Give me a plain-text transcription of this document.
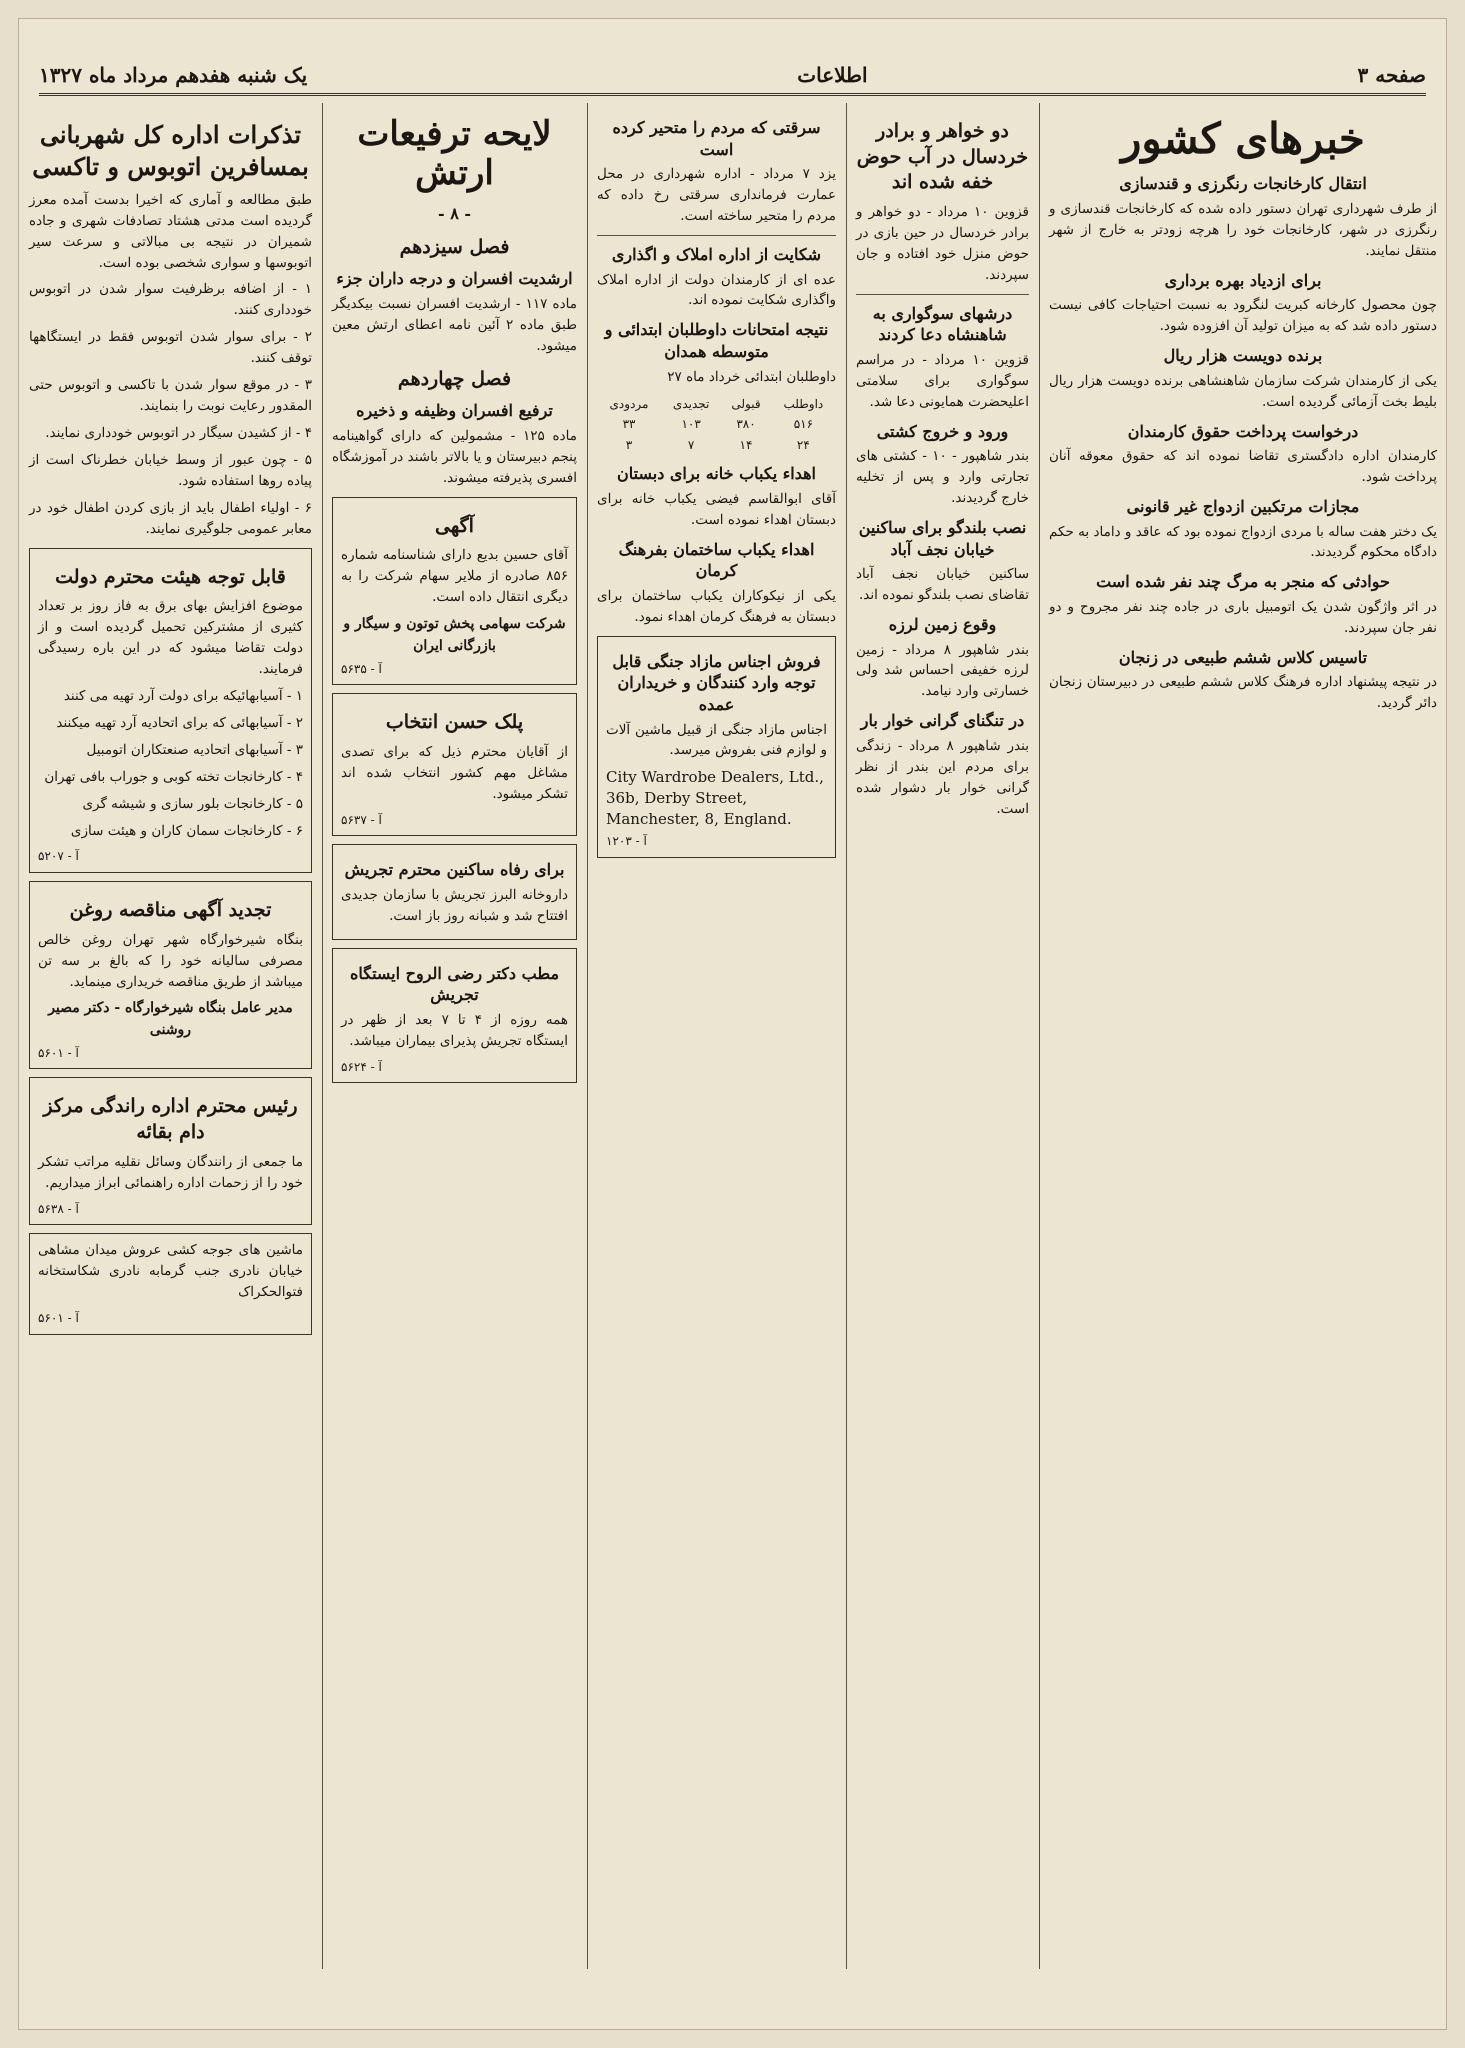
صفحه ۳
اطلاعات
یک شنبه هفدهم مرداد ماه ۱۳۲۷
خبرهای کشور
انتقال کارخانجات رنگرزی و قندسازی

از طرف شهرداری تهران دستور داده شده که کارخانجات قندسازی و رنگرزی در شهر، کارخانجات خود را هرچه زودتر به خارج از شهر منتقل نمایند.

برای ازدیاد بهره برداری

چون محصول کارخانه کبریت لنگرود به نسبت احتیاجات کافی نیست دستور داده شد که به میزان تولید آن افزوده شود.

برنده دویست هزار ریال

یکی از کارمندان شرکت سازمان شاهنشاهی برنده دویست هزار ریال بلیط بخت آزمائی گردیده است.

درخواست پرداخت حقوق کارمندان

کارمندان اداره دادگستری تقاضا نموده اند که حقوق معوقه آنان پرداخت شود.

مجازات مرتکبین ازدواج غیر قانونی

یک دختر هفت ساله با مردی ازدواج نموده بود که عاقد و داماد به حکم دادگاه محکوم گردیدند.

حوادثی که منجر به مرگ چند نفر شده است

در اثر واژگون شدن یک اتومبیل باری در جاده چند نفر مجروح و دو نفر جان سپردند.

تاسیس کلاس ششم طبیعی در زنجان

در نتیجه پیشنهاد اداره فرهنگ کلاس ششم طبیعی در دبیرستان زنجان دائر گردید.

دو خواهر و برادر خردسال در آب حوض خفه شده اند

قزوین ۱۰ مرداد - دو خواهر و برادر خردسال در حین بازی در حوض منزل خود افتاده و جان سپردند.

درشهای سوگواری به شاهنشاه دعا کردند

قزوین ۱۰ مرداد - در مراسم سوگواری برای سلامتی اعلیحضرت همایونی دعا شد.

ورود و خروج کشتی

بندر شاهپور - ۱۰ - کشتی های تجارتی وارد و پس از تخلیه خارج گردیدند.

نصب بلندگو برای ساکنین خیابان نجف آباد

ساکنین خیابان نجف آباد تقاضای نصب بلندگو نموده اند.

وقوع زمین لرزه

بندر شاهپور ۸ مرداد - زمین لرزه خفیفی احساس شد ولی خسارتی وارد نیامد.

در تنگنای گرانی خوار بار

بندر شاهپور ۸ مرداد - زندگی برای مردم این بندر از نظر گرانی خوار بار دشوار شده است.

سرقتی که مردم را متحیر کرده است

یزد ۷ مرداد - اداره شهرداری در محل عمارت فرمانداری سرقتی رخ داده که مردم را متحیر ساخته است.

شکایت از اداره املاک و اگذاری

عده ای از کارمندان دولت از اداره املاک واگذاری شکایت نموده اند.

نتیجه امتحانات داوطلبان ابتدائی و متوسطه همدان

داوطلبان ابتدائی خرداد ماه ۲۷

داوطلب	قبولی	تجدیدی	مردودی
۵۱۶	۳۸۰	۱۰۳	۳۳
۲۴	۱۴	۷	۳
اهداء یکباب خانه برای دبستان

آقای ابوالقاسم فیضی یکباب خانه برای دبستان اهداء نموده است.

اهداء یکباب ساختمان بفرهنگ کرمان

یکی از نیکوکاران یکباب ساختمان برای دبستان به فرهنگ کرمان اهداء نمود.

فروش اجناس مازاد جنگی قابل توجه وارد کنندگان و خریداران عمده

اجناس مازاد جنگی از قبیل ماشین آلات و لوازم فنی بفروش میرسد.

City Wardrobe Dealers, Ltd., 36b, Derby Street, Manchester, 8, England.
آ - ۱۲۰۳
لایحه ترفیعات ارتش
- ۸ -
فصل سیزدهم
ارشدیت افسران و درجه داران جزء

ماده ۱۱۷ - ارشدیت افسران نسبت بیکدیگر طبق ماده ۲ آئین نامه اعطای ارتش معین میشود.

فصل چهاردهم
ترفیع افسران وظیفه و ذخیره

ماده ۱۲۵ - مشمولین که دارای گواهینامه پنجم دبیرستان و یا بالاتر باشند در آموزشگاه افسری پذیرفته میشوند.

آگهی

آقای حسین بدیع دارای شناسنامه شماره ۸۵۶ صادره از ملایر سهام شرکت را به دیگری انتقال داده است.

شرکت سهامی پخش توتون و سیگار و بازرگانی ایران
آ - ۵۶۳۵
پلک حسن انتخاب

از آقایان محترم ذیل که برای تصدی مشاغل مهم کشور انتخاب شده اند تشکر میشود.

آ - ۵۶۳۷
برای رفاه ساکنین محترم تجریش

داروخانه البرز تجریش با سازمان جدیدی افتتاح شد و شبانه روز باز است.

مطب دکتر رضی الروح ایستگاه تجریش

همه روزه از ۴ تا ۷ بعد از ظهر در ایستگاه تجریش پذیرای بیماران میباشد.

آ - ۵۶۲۴
تذکرات اداره کل شهربانی بمسافرین اتوبوس و تاکسی

طبق مطالعه و آماری که اخیرا بدست آمده معرز گردیده است مدتی هشتاد تصادفات شهری و جاده شمیران در نتیجه بی مبالاتی و سرعت سیر اتوبوسها و سواری شخصی بوده است.

۱ - از اضافه برظرفیت سوار شدن در اتوبوس خودداری کنند.

۲ - برای سوار شدن اتوبوس فقط در ایستگاهها توقف کنند.

۳ - در موقع سوار شدن با تاکسی و اتوبوس حتی المقدور رعایت نوبت را بنمایند.

۴ - از کشیدن سیگار در اتوبوس خودداری نمایند.

۵ - چون عبور از وسط خیابان خطرناک است از پیاده روها استفاده شود.

۶ - اولیاء اطفال باید از بازی کردن اطفال خود در معابر عمومی جلوگیری نمایند.

قابل توجه هیئت محترم دولت

موضوع افزایش بهای برق به فاز روز بر تعداد کثیری از مشترکین تحمیل گردیده است و از دولت تقاضا میشود که در این باره رسیدگی فرمایند.

۱ - آسیابهائیکه برای دولت آرد تهیه می کنند

۲ - آسیابهائی که برای اتحادیه آرد تهیه میکنند

۳ - آسیابهای اتحادیه صنعتکاران اتومبیل

۴ - کارخانجات تخته کوبی و جوراب بافی تهران

۵ - کارخانجات بلور سازی و شیشه گری

۶ - کارخانجات سمان کاران و هیئت سازی

آ - ۵۲۰۷
تجدید آگهی مناقصه روغن

بنگاه شیرخوارگاه شهر تهران روغن خالص مصرفی سالیانه خود را که بالغ بر سه تن میباشد از طریق مناقصه خریداری مینماید.

مدیر عامل بنگاه شیرخوارگاه - دکتر مصیر روشنی
آ - ۵۶۰۱
رئیس محترم اداره راندگی مرکز دام بقائه

ما جمعی از رانندگان وسائل نقلیه مراتب تشکر خود را از زحمات اداره راهنمائی ابراز میداریم.

آ - ۵۶۳۸

ماشین های جوجه کشی عروش میدان مشاهی خیابان نادری جنب گرمابه نادری شکاستخانه فتوالحکراک

آ - ۵۶۰۱
